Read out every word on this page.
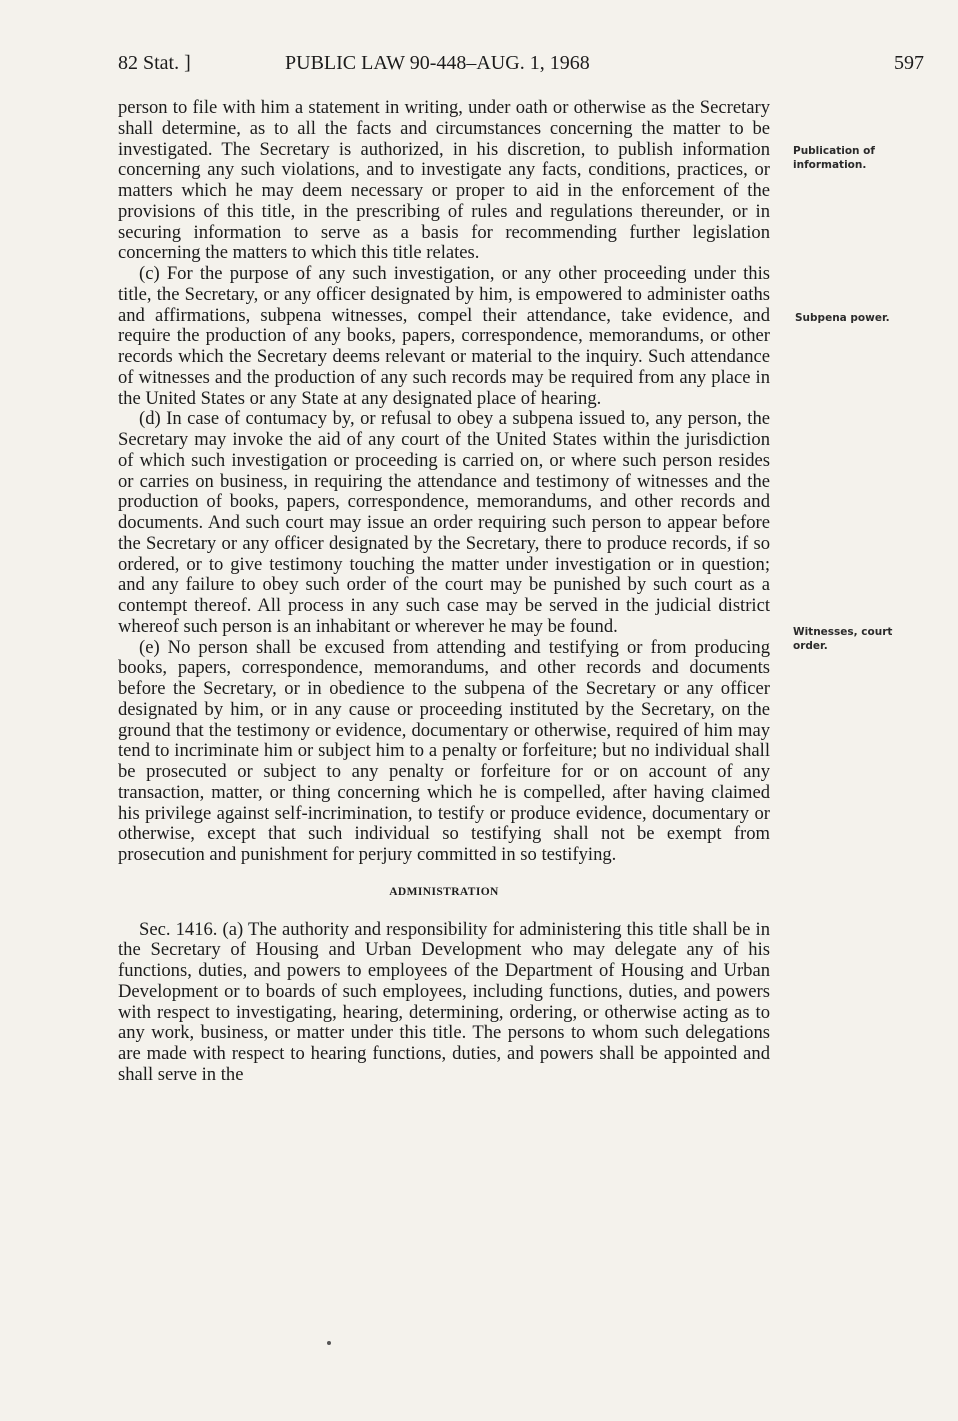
82 Stat. ]	PUBLIC LAW 90-448–AUG. 1, 1968	597

person to file with him a statement in writing, under oath or otherwise as the Secretary shall determine, as to all the facts and circumstances concerning the matter to be investigated. The Secretary is authorized, in his discretion, to publish information concerning any such violations, and to investigate any facts, conditions, practices, or matters which he may deem necessary or proper to aid in the enforcement of the provisions of this title, in the prescribing of rules and regulations thereunder, or in securing information to serve as a basis for recommending further legislation concerning the matters to which this title relates.

(c) For the purpose of any such investigation, or any other proceeding under this title, the Secretary, or any officer designated by him, is empowered to administer oaths and affirmations, subpena witnesses, compel their attendance, take evidence, and require the production of any books, papers, correspondence, memorandums, or other records which the Secretary deems relevant or material to the inquiry. Such attendance of witnesses and the production of any such records may be required from any place in the United States or any State at any designated place of hearing.

(d) In case of contumacy by, or refusal to obey a subpena issued to, any person, the Secretary may invoke the aid of any court of the United States within the jurisdiction of which such investigation or proceeding is carried on, or where such person resides or carries on business, in requiring the attendance and testimony of witnesses and the production of books, papers, correspondence, memorandums, and other records and documents. And such court may issue an order requiring such person to appear before the Secretary or any officer designated by the Secretary, there to produce records, if so ordered, or to give testimony touching the matter under investigation or in question; and any failure to obey such order of the court may be punished by such court as a contempt thereof. All process in any such case may be served in the judicial district whereof such person is an inhabitant or wherever he may be found.

(e) No person shall be excused from attending and testifying or from producing books, papers, correspondence, memorandums, and other records and documents before the Secretary, or in obedience to the subpena of the Secretary or any officer designated by him, or in any cause or proceeding instituted by the Secretary, on the ground that the testimony or evidence, documentary or otherwise, required of him may tend to incriminate him or subject him to a penalty or forfeiture; but no individual shall be prosecuted or subject to any penalty or forfeiture for or on account of any transaction, matter, or thing concerning which he is compelled, after having claimed his privilege against self-incrimination, to testify or produce evidence, documentary or otherwise, except that such individual so testifying shall not be exempt from prosecution and punishment for perjury committed in so testifying.

ADMINISTRATION

Sec. 1416. (a) The authority and responsibility for administering this title shall be in the Secretary of Housing and Urban Development who may delegate any of his functions, duties, and powers to employees of the Department of Housing and Urban Development or to boards of such employees, including functions, duties, and powers with respect to investigating, hearing, determining, ordering, or otherwise acting as to any work, business, or matter under this title. The persons to whom such delegations are made with respect to hearing functions, duties, and powers shall be appointed and shall serve in the

Publication of information.
Subpena power.
Witnesses, court order.
